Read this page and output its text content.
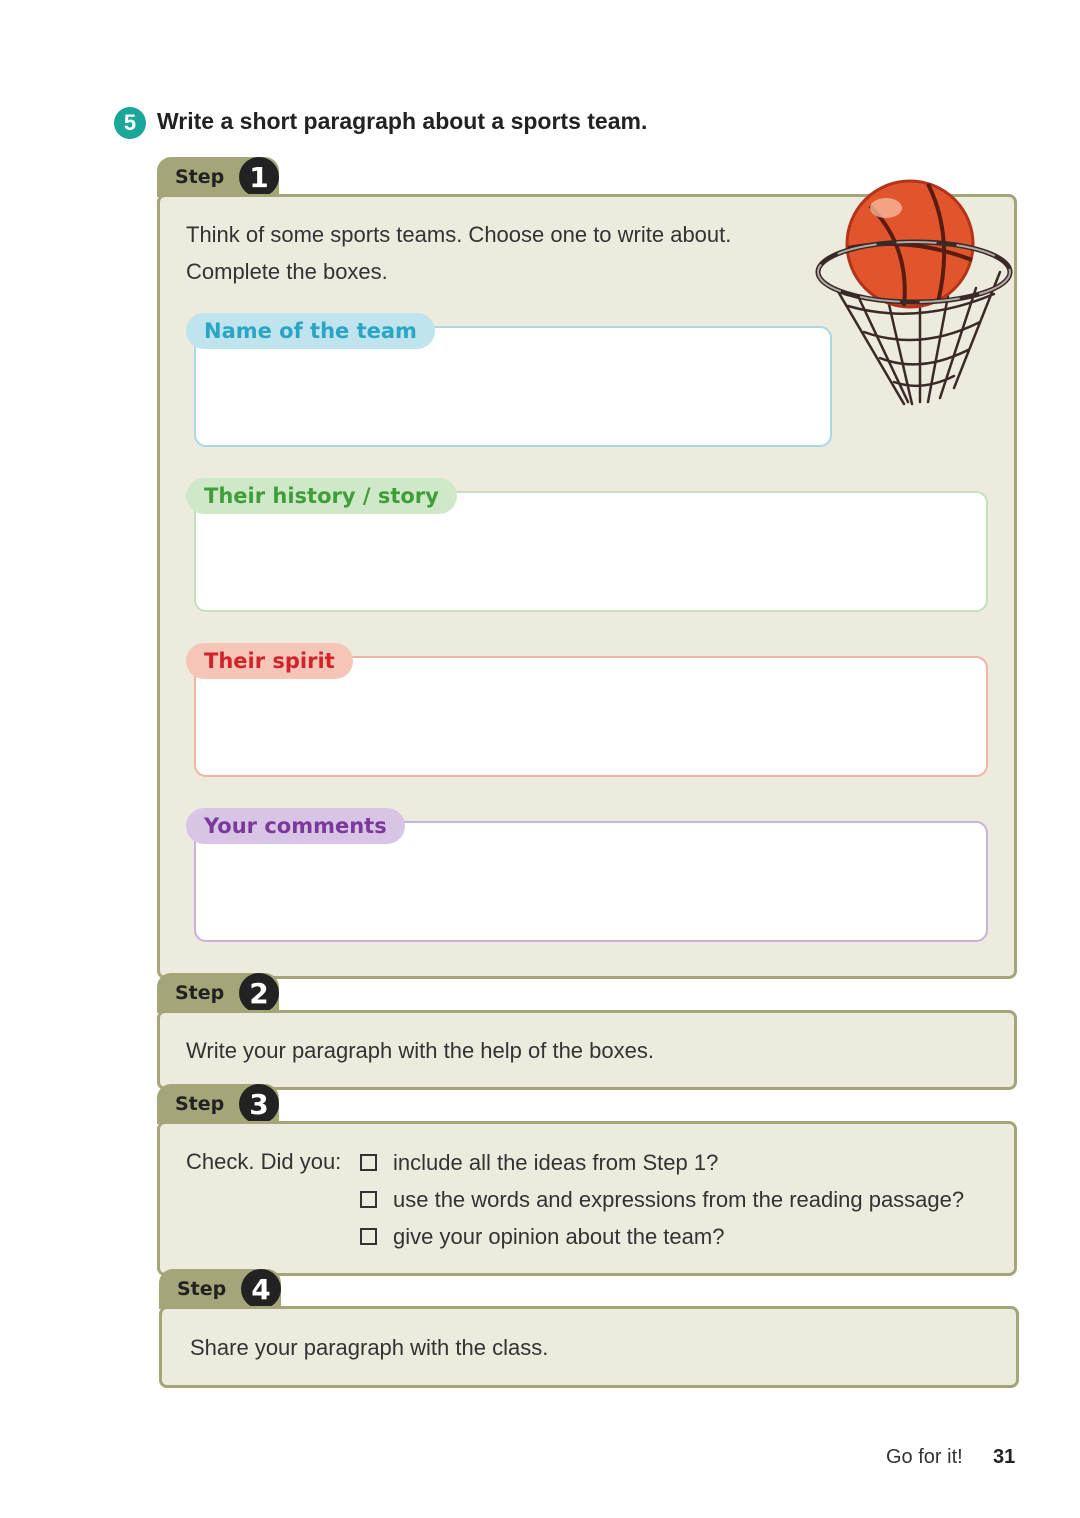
5 Write a short paragraph about a sports team.
Step 1
Think of some sports teams. Choose one to write about.
Complete the boxes.
Name of the team
Their history / story
Their spirit
Your comments
Step 2
Write your paragraph with the help of the boxes.
Step 3
Check. Did you:	include all the ideas from Step 1?
use the words and expressions from the reading passage?
give your opinion about the team?
Step 4
Share your paragraph with the class.
Go for it! 31
